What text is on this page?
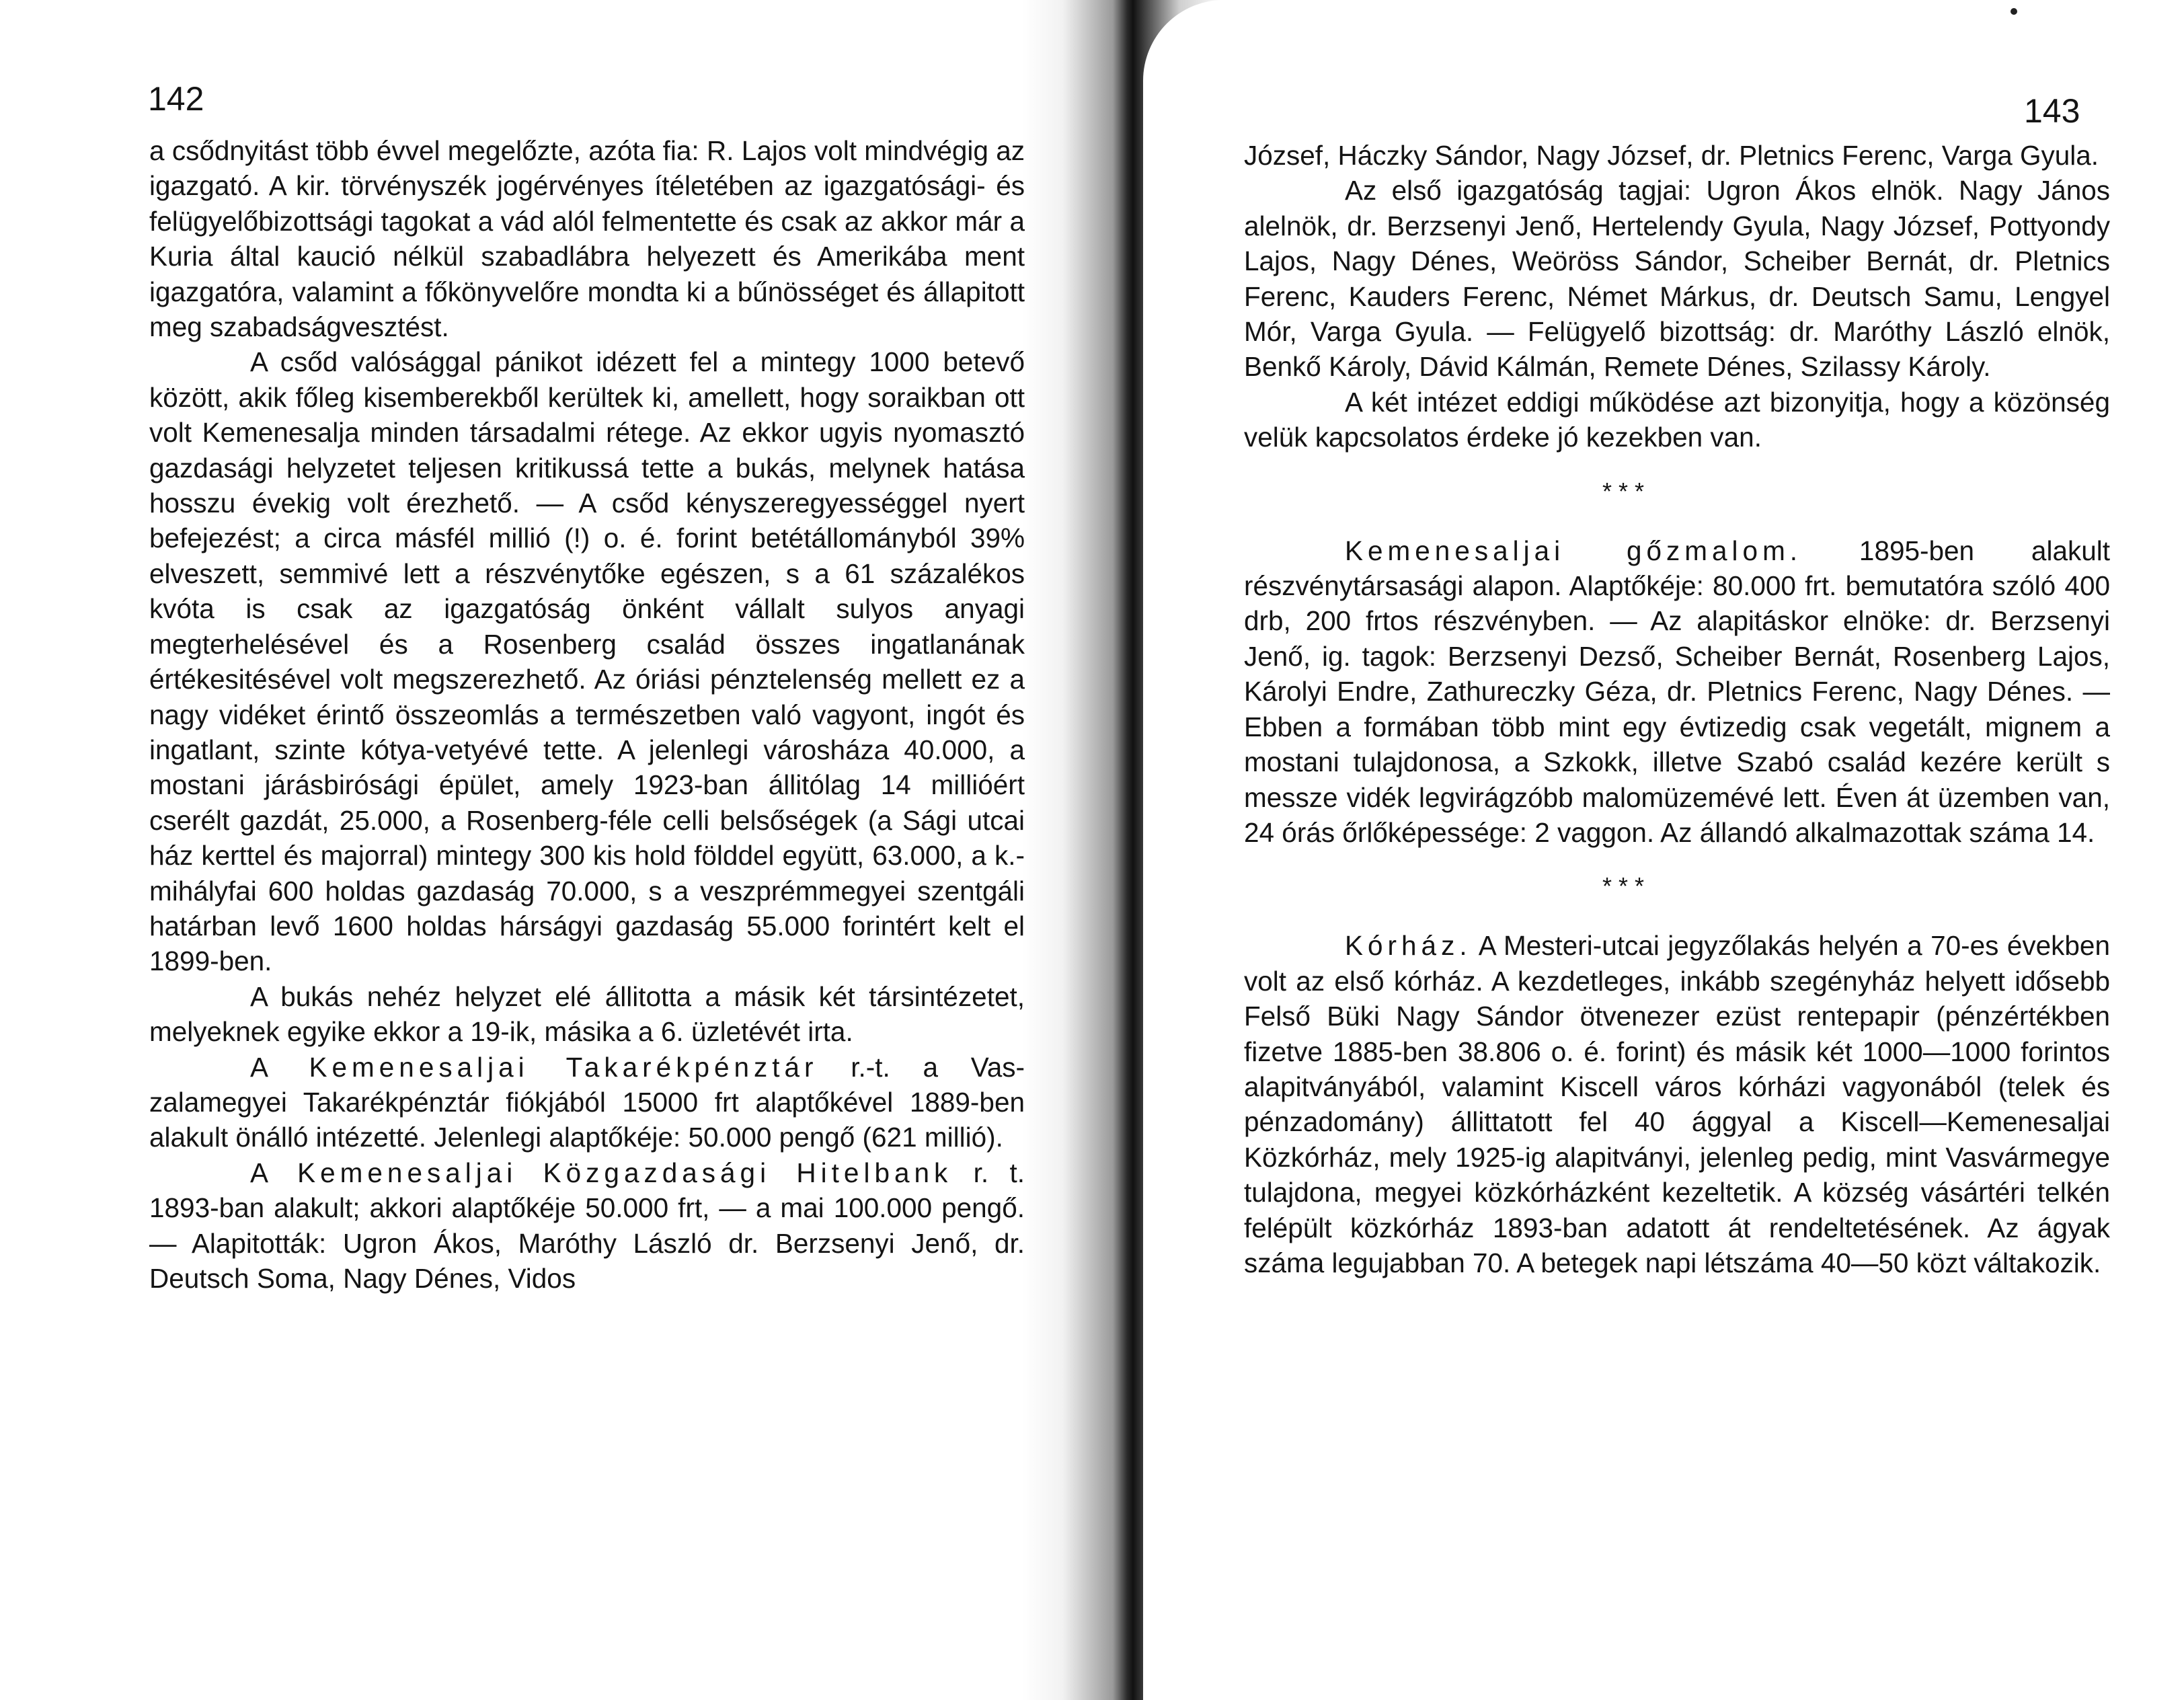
142

a csődnyitást több évvel megelőzte, azóta fia: R. Lajos volt mindvégig az igazgató. A kir. törvényszék jogérvényes ítéletében az igazgatósági- és felügyelőbizottsági tagokat a vád alól felmentette és csak az akkor már a Kuria által kaució nélkül szabadlábra helyezett és Amerikába ment igazgatóra, valamint a főkönyvelőre mondta ki a bűnösséget és állapitott meg szabadságvesztést.

A csőd valósággal pánikot idézett fel a mintegy 1000 betevő között, akik főleg kisemberekből kerültek ki, amellett, hogy soraikban ott volt Kemenesalja minden társadalmi rétege. Az ekkor ugyis nyomasztó gazdasági helyzetet teljesen kritikussá tette a bukás, melynek hatása hosszu évekig volt érezhető. — A csőd kényszeregyességgel nyert befejezést; a circa másfél millió (!) o. é. forint betétállományból 39% elveszett, semmivé lett a részvénytőke egészen, s a 61 százalékos kvóta is csak az igazgatóság önként vállalt sulyos anyagi megterhelésével és a Rosenberg család összes ingatlanának értékesitésével volt megszerezhető. Az óriási pénztelenség mellett ez a nagy vidéket érintő összeomlás a természetben való vagyont, ingót és ingatlant, szinte kótya-vetyévé tette. A jelenlegi városháza 40.000, a mostani járásbirósági épület, amely 1923-ban állitólag 14 millióért cserélt gazdát, 25.000, a Rosenberg-féle celli belsőségek (a Sági utcai ház kerttel és majorral) mintegy 300 kis hold földdel együtt, 63.000, a k.-mihályfai 600 holdas gazdaság 70.000, s a veszprémmegyei szentgáli határban levő 1600 holdas hárságyi gazdaság 55.000 forintért kelt el 1899-ben.

A bukás nehéz helyzet elé állitotta a másik két társintézetet, melyeknek egyike ekkor a 19-ik, másika a 6. üzletévét irta.

A Kemenesaljai Takarékpénztár r.-t. a Vas-zalamegyei Takarékpénztár fiókjából 15000 frt alaptőkével 1889-ben alakult önálló intézetté. Jelenlegi alaptőkéje: 50.000 pengő (621 millió).

A Kemenesaljai Közgazdasági Hitelbank r. t. 1893-ban alakult; akkori alaptőkéje 50.000 frt, — a mai 100.000 pengő. — Alapitották: Ugron Ákos, Maróthy László dr. Berzsenyi Jenő, dr. Deutsch Soma, Nagy Dénes, Vidos

143

József, Háczky Sándor, Nagy József, dr. Pletnics Ferenc, Varga Gyula.

Az első igazgatóság tagjai: Ugron Ákos elnök. Nagy János alelnök, dr. Berzsenyi Jenő, Hertelendy Gyula, Nagy József, Pottyondy Lajos, Nagy Dénes, Weöröss Sándor, Scheiber Bernát, dr. Pletnics Ferenc, Kauders Ferenc, Német Márkus, dr. Deutsch Samu, Lengyel Mór, Varga Gyula. — Felügyelő bizottság: dr. Maróthy László elnök, Benkő Károly, Dávid Kálmán, Remete Dénes, Szilassy Károly.

A két intézet eddigi működése azt bizonyitja, hogy a közönség velük kapcsolatos érdeke jó kezekben van.

* * *

Kemenesaljai gőzmalom. 1895-ben alakult részvénytársasági alapon. Alaptőkéje: 80.000 frt. bemutatóra szóló 400 drb, 200 frtos részvényben. — Az alapitáskor elnöke: dr. Berzsenyi Jenő, ig. tagok: Berzsenyi Dezső, Scheiber Bernát, Rosenberg Lajos, Károlyi Endre, Zathureczky Géza, dr. Pletnics Ferenc, Nagy Dénes. — Ebben a formában több mint egy évtizedig csak vegetált, mignem a mostani tulajdonosa, a Szkokk, illetve Szabó család kezére került s messze vidék legvirágzóbb malomüzemévé lett. Éven át üzemben van, 24 órás őrlőképessége: 2 vaggon. Az állandó alkalmazottak száma 14.

* * *

Kórház. A Mesteri-utcai jegyzőlakás helyén a 70-es években volt az első kórház. A kezdetleges, inkább szegényház helyett idősebb Felső Büki Nagy Sándor ötvenezer ezüst rentepapir (pénzértékben fizetve 1885-ben 38.806 o. é. forint) és másik két 1000—1000 forintos alapitványából, valamint Kiscell város kórházi vagyonából (telek és pénzadomány) állittatott fel 40 ággyal a Kiscell—Kemenesaljai Közkórház, mely 1925-ig alapitványi, jelenleg pedig, mint Vasvármegye tulajdona, megyei közkórházként kezeltetik. A község vásártéri telkén felépült közkórház 1893-ban adatott át rendeltetésének. Az ágyak száma legujabban 70. A betegek napi létszáma 40—50 közt váltakozik.
